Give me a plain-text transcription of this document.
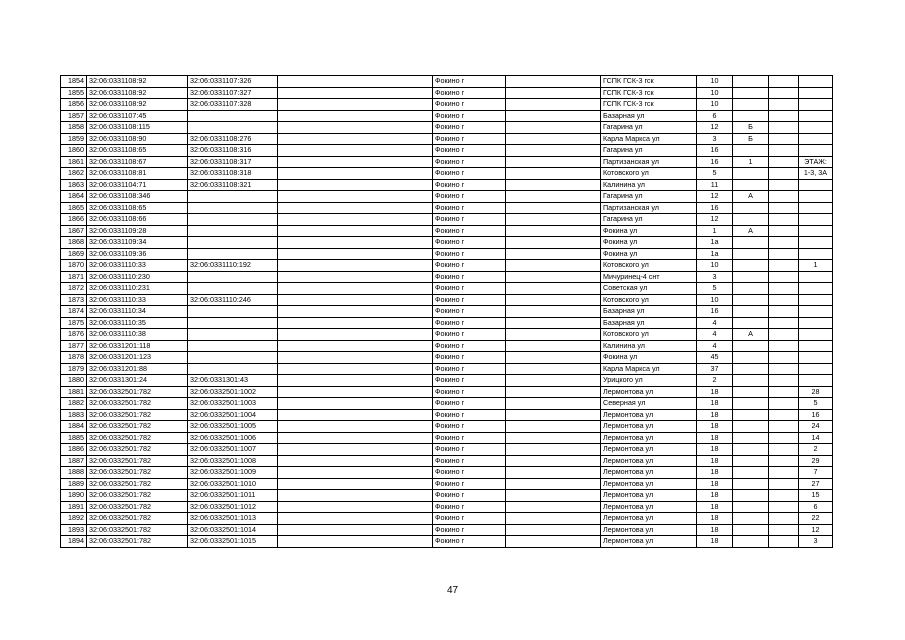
1854	32:06:0331108:92	32:06:0331107:326		Фокино г		ГСПК ГСК-3 гск	10			
1855	32:06:0331108:92	32:06:0331107:327		Фокино г		ГСПК ГСК-3 гск	10			
1856	32:06:0331108:92	32:06:0331107:328		Фокино г		ГСПК ГСК-3 гск	10			
1857	32:06:0331107:45			Фокино г		Базарная ул	6			
1858	32:06:0331108:115			Фокино г		Гагарина ул	12	Б		
1859	32:06:0331108:90	32:06:0331108:276		Фокино г		Карла Маркса ул	3	Б		
1860	32:06:0331108:65	32:06:0331108:316		Фокино г		Гагарина ул	16			
1861	32:06:0331108:67	32:06:0331108:317		Фокино г		Партизанская ул	16	1		ЭТАЖ:
1862	32:06:0331108:81	32:06:0331108:318		Фокино г		Котовского ул	5			1-3, 3А
1863	32:06:0331104:71	32:06:0331108:321		Фокино г		Калинина ул	11			
1864	32:06:0331108:346			Фокино г		Гагарина ул	12	А		
1865	32:06:0331108:65			Фокино г		Партизанская ул	16			
1866	32:06:0331108:66			Фокино г		Гагарина ул	12			
1867	32:06:0331109:28			Фокино г		Фокина ул	1	А		
1868	32:06:0331109:34			Фокино г		Фокина ул	1а			
1869	32:06:0331109:36			Фокино г		Фокина ул	1а			
1870	32:06:0331110:33	32:06:0331110:192		Фокино г		Котовского ул	10			1
1871	32:06:0331110:230			Фокино г		Мичуринец-4 снт	3			
1872	32:06:0331110:231			Фокино г		Советская ул	5			
1873	32:06:0331110:33	32:06:0331110:246		Фокино г		Котовского ул	10			
1874	32:06:0331110:34			Фокино г		Базарная ул	16			
1875	32:06:0331110:35			Фокино г		Базарная ул	4			
1876	32:06:0331110:38			Фокино г		Котовского ул	4	А		
1877	32:06:0331201:118			Фокино г		Калинина ул	4			
1878	32:06:0331201:123			Фокино г		Фокина ул	45			
1879	32:06:0331201:88			Фокино г		Карла Маркса ул	37			
1880	32:06:0331301:24	32:06:0331301:43		Фокино г		Урицкого ул	2			
1881	32:06:0332501:782	32:06:0332501:1002		Фокино г		Лермонтова ул	18			28
1882	32:06:0332501:782	32:06:0332501:1003		Фокино г		Северная ул	18			5
1883	32:06:0332501:782	32:06:0332501:1004		Фокино г		Лермонтова ул	18			16
1884	32:06:0332501:782	32:06:0332501:1005		Фокино г		Лермонтова ул	18			24
1885	32:06:0332501:782	32:06:0332501:1006		Фокино г		Лермонтова ул	18			14
1886	32:06:0332501:782	32:06:0332501:1007		Фокино г		Лермонтова ул	18			2
1887	32:06:0332501:782	32:06:0332501:1008		Фокино г		Лермонтова ул	18			29
1888	32:06:0332501:782	32:06:0332501:1009		Фокино г		Лермонтова ул	18			7
1889	32:06:0332501:782	32:06:0332501:1010		Фокино г		Лермонтова ул	18			27
1890	32:06:0332501:782	32:06:0332501:1011		Фокино г		Лермонтова ул	18			15
1891	32:06:0332501:782	32:06:0332501:1012		Фокино г		Лермонтова ул	18			6
1892	32:06:0332501:782	32:06:0332501:1013		Фокино г		Лермонтова ул	18			22
1893	32:06:0332501:782	32:06:0332501:1014		Фокино г		Лермонтова ул	18			12
1894	32:06:0332501:782	32:06:0332501:1015		Фокино г		Лермонтова ул	18			3
47
